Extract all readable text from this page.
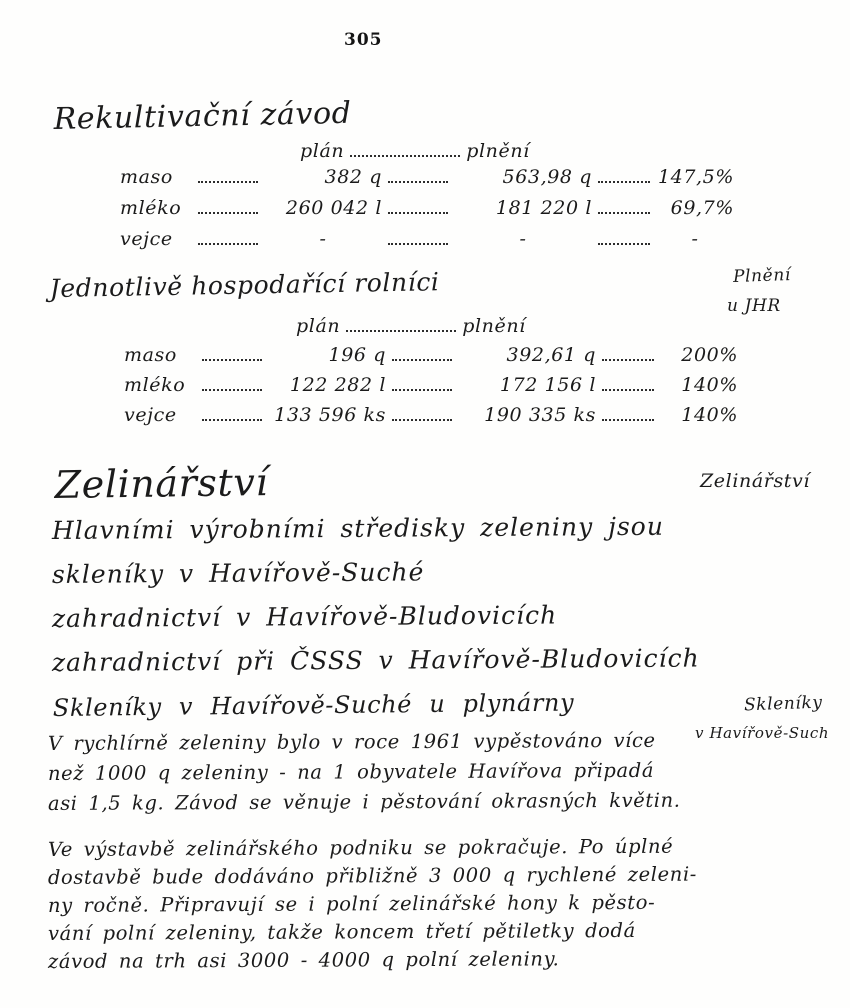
305
Rekultivační závod
plán	plnění
maso	382 q	563,98 q	147,5%
mléko	260 042 l	181 220 l	69,7%
vejce	-	-	-
Jednotlivě hospodařící rolníci	Plnění
u JHR
plán	plnění
maso	196 q	392,61 q	200%
mléko	122 282 l	172 156 l	140%
vejce	133 596 ks	190 335 ks	140%
Zelinářství	Zelinářství
Hlavními výrobními středisky zeleniny jsou
skleníky v Havířově-Suché
zahradnictví v Havířově-Bludovicích
zahradnictví při ČSSS v Havířově-Bludovicích
Skleníky v Havířově-Suché u plynárny	Skleníky
v Havířově-Such
V rychlírně zeleniny bylo v roce 1961 vypěstováno více
než 1000 q zeleniny - na 1 obyvatele Havířova připadá
asi 1,5 kg. Závod se věnuje i pěstování okrasných květin.
Ve výstavbě zelinářského podniku se pokračuje. Po úplné
dostavbě bude dodáváno přibližně 3 000 q rychlené zeleni-
ny ročně. Připravují se i polní zelinářské hony k pěsto-
vání polní zeleniny, takže koncem třetí pětiletky dodá
závod na trh asi 3000 - 4000 q polní zeleniny.
